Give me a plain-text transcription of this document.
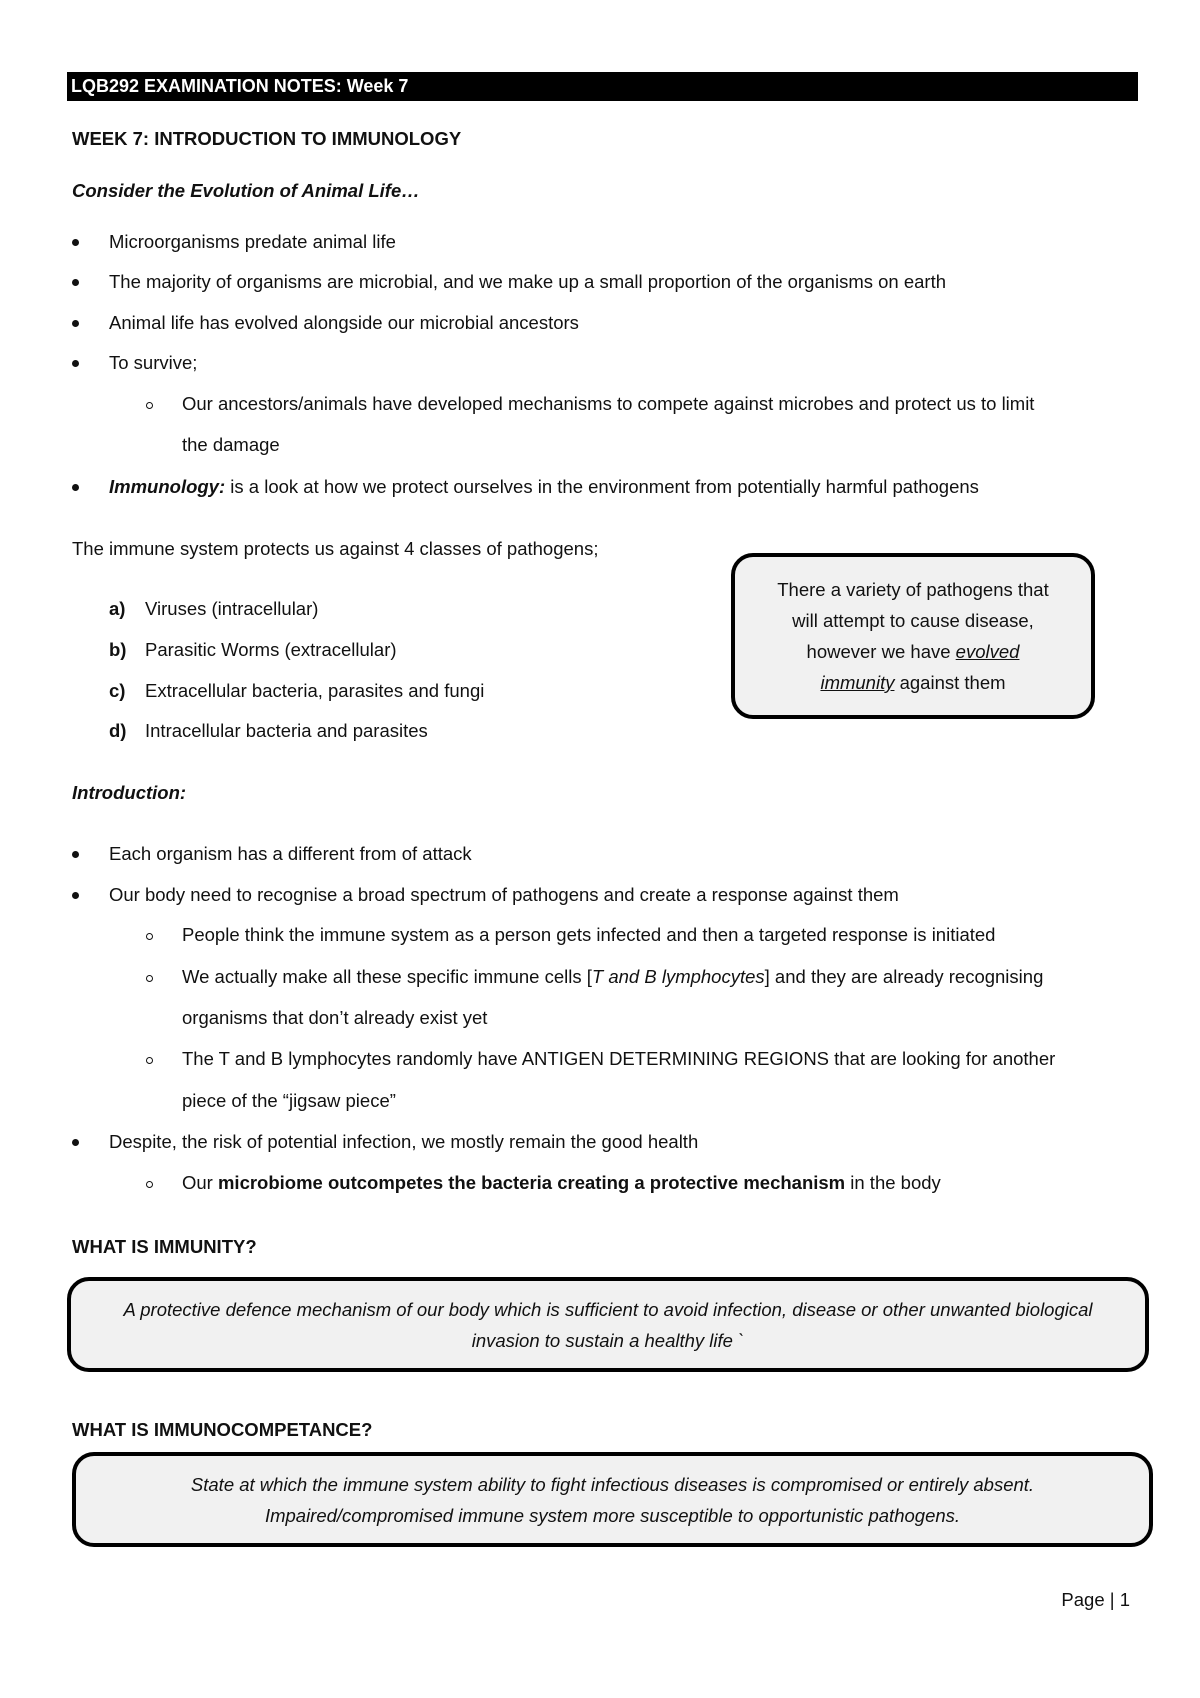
LQB292 EXAMINATION NOTES: Week 7
WEEK 7: INTRODUCTION TO IMMUNOLOGY
Consider the Evolution of Animal Life…
Microorganisms predate animal life
The majority of organisms are microbial, and we make up a small proportion of the organisms on earth
Animal life has evolved alongside our microbial ancestors
To survive;
Our ancestors/animals have developed mechanisms to compete against microbes and protect us to limit
the damage
Immunology: is a look at how we protect ourselves in the environment from potentially harmful pathogens
The immune system protects us against 4 classes of pathogens;
a) Viruses (intracellular)
b) Parasitic Worms (extracellular)
c) Extracellular bacteria, parasites and fungi
d) Intracellular bacteria and parasites
There a variety of pathogens that will attempt to cause disease, however we have evolved immunity against them
Introduction:
Each organism has a different from of attack
Our body need to recognise a broad spectrum of pathogens and create a response against them
People think the immune system as a person gets infected and then a targeted response is initiated
We actually make all these specific immune cells [T and B lymphocytes] and they are already recognising
organisms that don’t already exist yet
The T and B lymphocytes randomly have ANTIGEN DETERMINING REGIONS that are looking for another
piece of the “jigsaw piece”
Despite, the risk of potential infection, we mostly remain the good health
Our microbiome outcompetes the bacteria creating a protective mechanism in the body
WHAT IS IMMUNITY?
A protective defence mechanism of our body which is sufficient to avoid infection, disease or other unwanted biological invasion to sustain a healthy life `
WHAT IS IMMUNOCOMPETANCE?
State at which the immune system ability to fight infectious diseases is compromised or entirely absent.
Impaired/compromised immune system more susceptible to opportunistic pathogens.
Page | 1
